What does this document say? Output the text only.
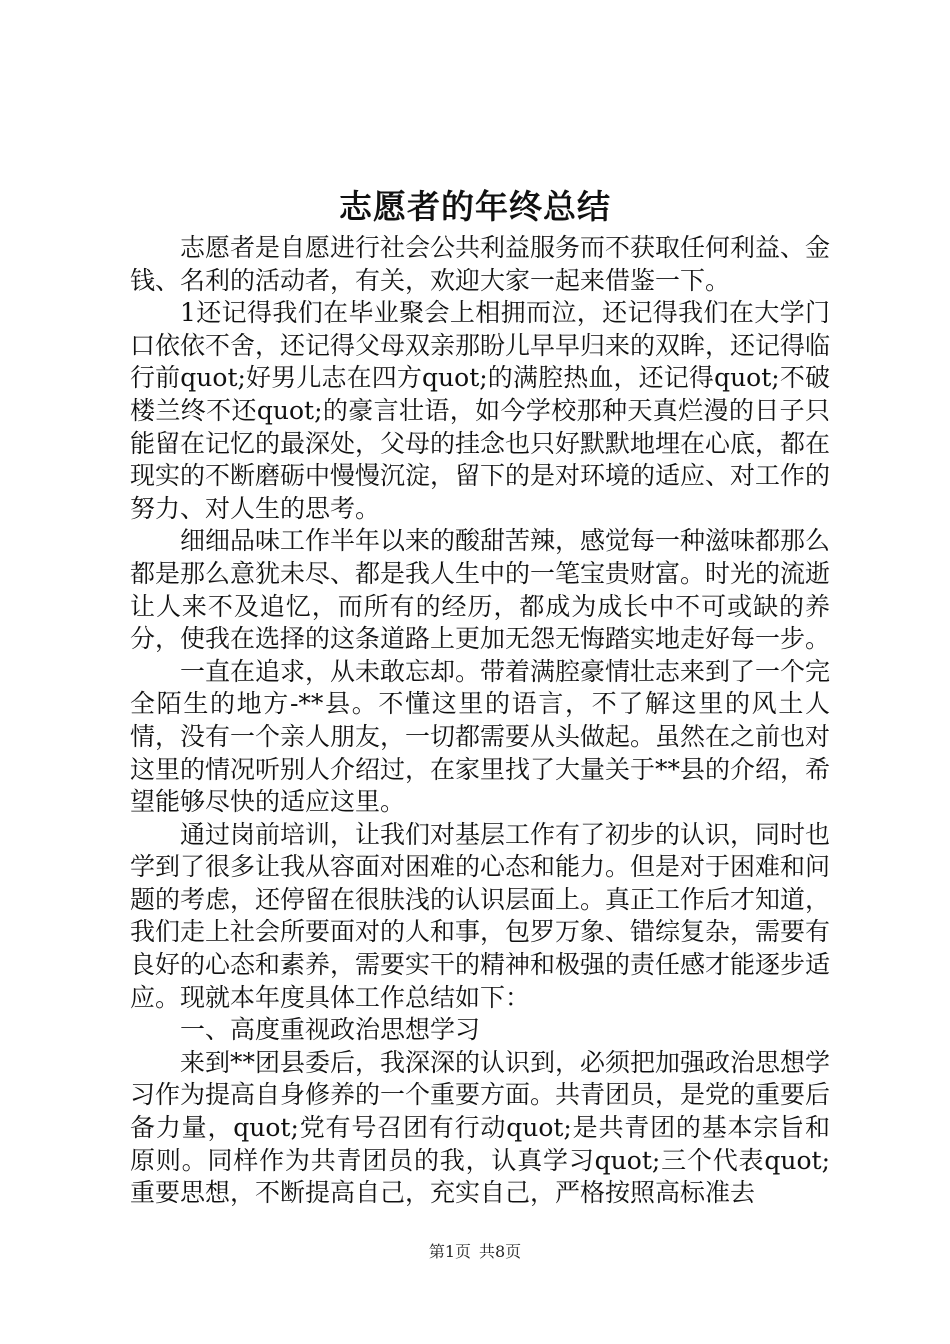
志愿者的年终总结

志愿者是自愿进行社会公共利益服务而不获取任何利益、金钱、名利的活动者，有关，欢迎大家一起来借鉴一下。

1还记得我们在毕业聚会上相拥而泣，还记得我们在大学门口依依不舍，还记得父母双亲那盼儿早早归来的双眸，还记得临行前quot;好男儿志在四方quot;的满腔热血，还记得quot;不破楼兰终不还quot;的豪言壮语，如今学校那种天真烂漫的日子只能留在记忆的最深处，父母的挂念也只好默默地埋在心底，都在现实的不断磨砺中慢慢沉淀，留下的是对环境的适应、对工作的努力、对人生的思考。

细细品味工作半年以来的酸甜苦辣，感觉每一种滋味都那么都是那么意犹未尽、都是我人生中的一笔宝贵财富。时光的流逝让人来不及追忆，而所有的经历，都成为成长中不可或缺的养分，使我在选择的这条道路上更加无怨无悔踏实地走好每一步。

一直在追求，从未敢忘却。带着满腔豪情壮志来到了一个完全陌生的地方-**县。不懂这里的语言，不了解这里的风土人情，没有一个亲人朋友，一切都需要从头做起。虽然在之前也对这里的情况听别人介绍过，在家里找了大量关于**县的介绍，希望能够尽快的适应这里。

通过岗前培训，让我们对基层工作有了初步的认识，同时也学到了很多让我从容面对困难的心态和能力。但是对于困难和问题的考虑，还停留在很肤浅的认识层面上。真正工作后才知道，我们走上社会所要面对的人和事，包罗万象、错综复杂，需要有良好的心态和素养，需要实干的精神和极强的责任感才能逐步适应。现就本年度具体工作总结如下：

一、高度重视政治思想学习

来到**团县委后，我深深的认识到，必须把加强政治思想学习作为提高自身修养的一个重要方面。共青团员，是党的重要后备力量，quot;党有号召团有行动quot;是共青团的基本宗旨和原则。同样作为共青团员的我，认真学习quot;三个代表quot;重要思想，不断提高自己，充实自己，严格按照高标准去

第1页 共8页
